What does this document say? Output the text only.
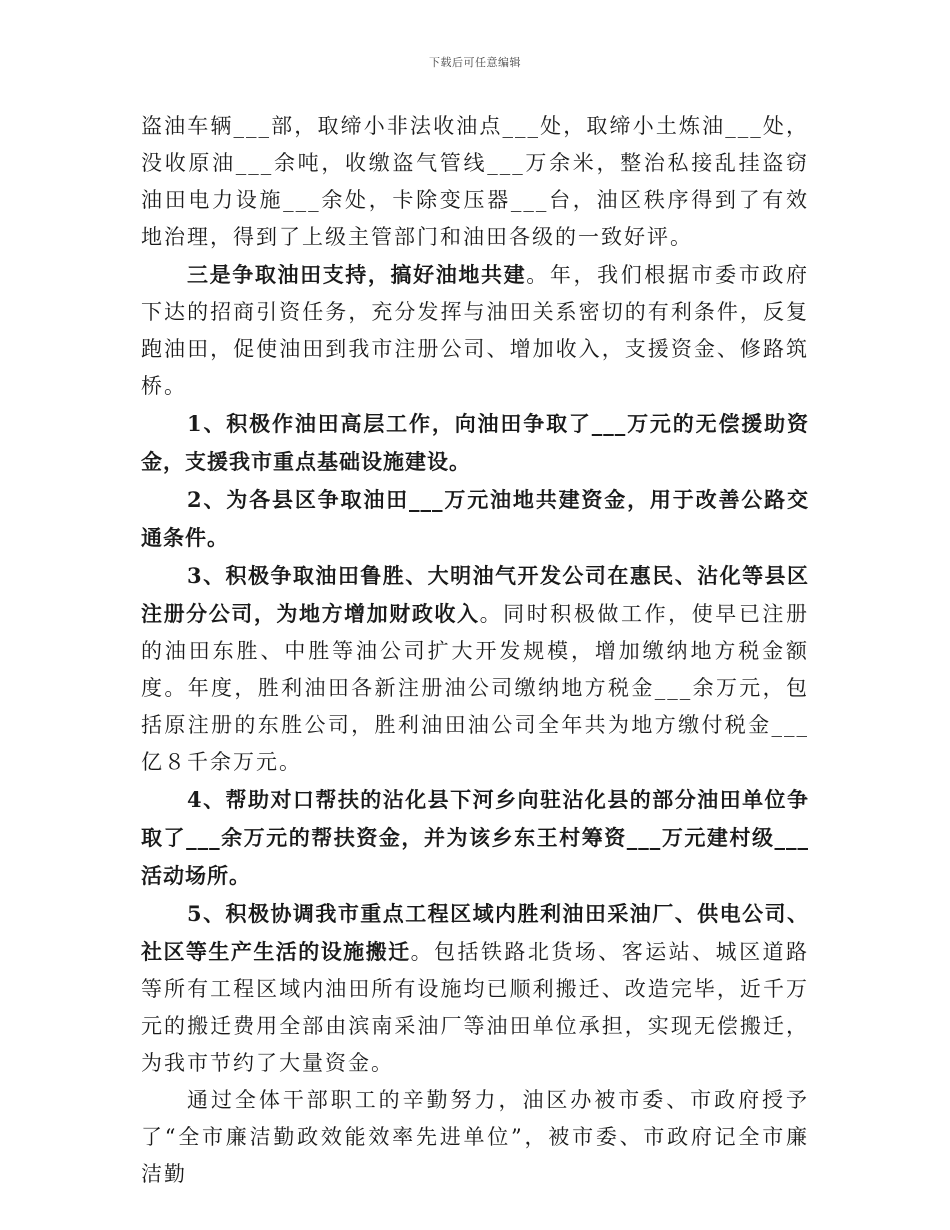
下载后可任意编辑

盗油车辆___部，取缔小非法收油点___处，取缔小土炼油___处，没收原油___余吨，收缴盗气管线___万余米，整治私接乱挂盗窃油田电力设施___余处，卡除变压器___台，油区秩序得到了有效地治理，得到了上级主管部门和油田各级的一致好评。

三是争取油田支持，搞好油地共建。年，我们根据市委市政府下达的招商引资任务，充分发挥与油田关系密切的有利条件，反复跑油田，促使油田到我市注册公司、增加收入，支援资金、修路筑桥。

1、积极作油田高层工作，向油田争取了___万元的无偿援助资金，支援我市重点基础设施建设。

2、为各县区争取油田___万元油地共建资金，用于改善公路交通条件。

3、积极争取油田鲁胜、大明油气开发公司在惠民、沾化等县区注册分公司，为地方增加财政收入。同时积极做工作，使早已注册的油田东胜、中胜等油公司扩大开发规模，增加缴纳地方税金额度。年度，胜利油田各新注册油公司缴纳地方税金___余万元，包括原注册的东胜公司，胜利油田油公司全年共为地方缴付税金___亿８千余万元。

4、帮助对口帮扶的沾化县下河乡向驻沾化县的部分油田单位争取了___余万元的帮扶资金，并为该乡东王村筹资___万元建村级___活动场所。

5、积极协调我市重点工程区域内胜利油田采油厂、供电公司、社区等生产生活的设施搬迁。包括铁路北货场、客运站、城区道路等所有工程区域内油田所有设施均已顺利搬迁、改造完毕，近千万元的搬迁费用全部由滨南采油厂等油田单位承担，实现无偿搬迁，为我市节约了大量资金。

通过全体干部职工的辛勤努力，油区办被市委、市政府授予了“全市廉洁勤政效能效率先进单位”，被市委、市政府记全市廉洁勤
